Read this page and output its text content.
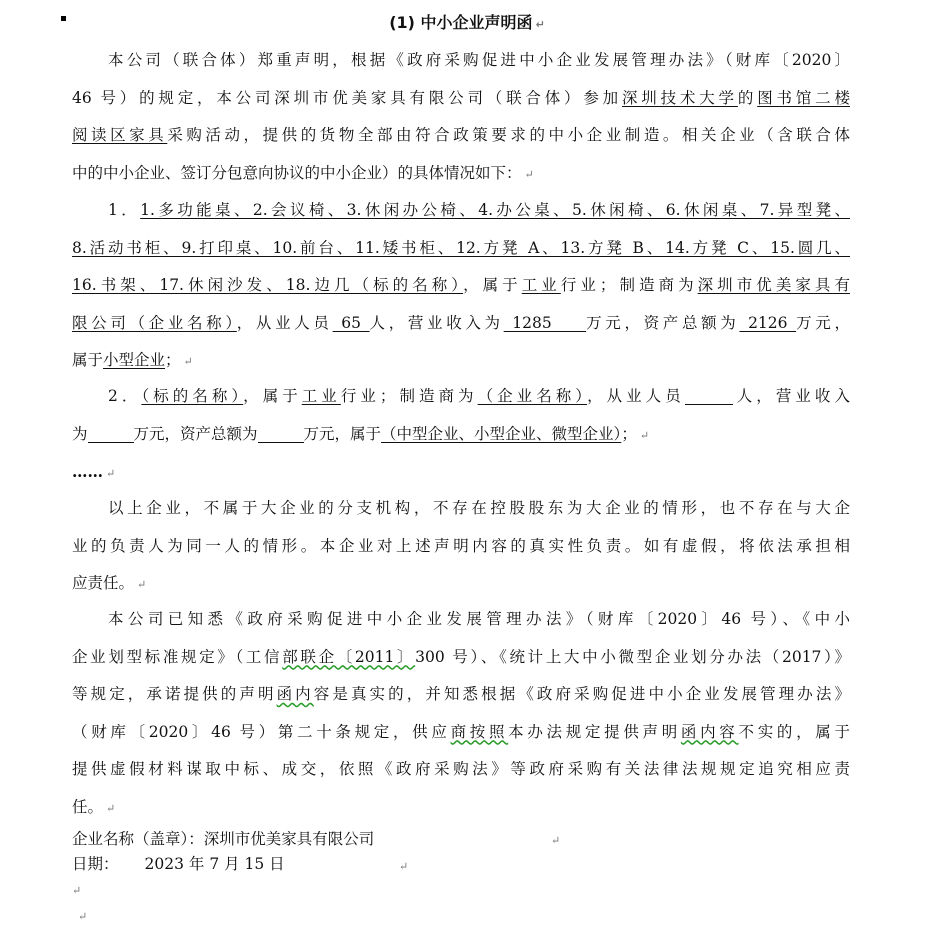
(1) 中小企业声明函 ↵
本公司（联合体）郑重声明，根据《政府采购促进中小企业发展管理办法》（财库〔2020〕
46 号）的规定，本公司深圳市优美家具有限公司（联合体）参加深圳技术大学的图书馆二楼
阅读区家具采购活动，提供的货物全部由符合政策要求的中小企业制造。相关企业（含联合体
中的中小企业、签订分包意向协议的中小企业）的具体情况如下： ↵
1．1.多功能桌、2.会议椅、3.休闲办公椅、4.办公桌、5.休闲椅、6.休闲桌、7.异型凳、
8.活动书柜、9.打印桌、10.前台、11.矮书柜、12.方凳 A、13.方凳 B、14.方凳 C、15.圆几、
16.书架、17.休闲沙发、18.边几（标的名称），属于工业行业；制造商为深圳市优美家具有
限公司（企业名称），从业人员 65 人，营业收入为 1285    万元，资产总额为 2126 万元，
属于小型企业； ↵
2．（标的名称），属于工业行业；制造商为（企业名称），从业人员	人，营业收入
为	万元，资产总额为	万元，属于（中型企业、小型企业、微型企业）； ↵
…… ↵
以上企业，不属于大企业的分支机构，不存在控股股东为大企业的情形，也不存在与大企
业的负责人为同一人的情形。本企业对上述声明内容的真实性负责。如有虚假，将依法承担相
应责任。 ↵
本公司已知悉《政府采购促进中小企业发展管理办法》（财库〔2020〕46 号）、《中小
企业划型标准规定》（工信部联企〔2011〕300 号）、《统计上大中小微型企业划分办法（2017）》
等规定，承诺提供的声明函内容是真实的，并知悉根据《政府采购促进中小企业发展管理办法》
（财库〔2020〕46 号）第二十条规定，供应商按照本办法规定提供声明函内容不实的，属于
提供虚假材料谋取中标、成交，依照《政府采购法》等政府采购有关法律法规规定追究相应责
任。 ↵
企业名称（盖章）：深圳市优美家具有限公司	↵
日期： 2023 年 7 月 15 日	↵
↵
↵
